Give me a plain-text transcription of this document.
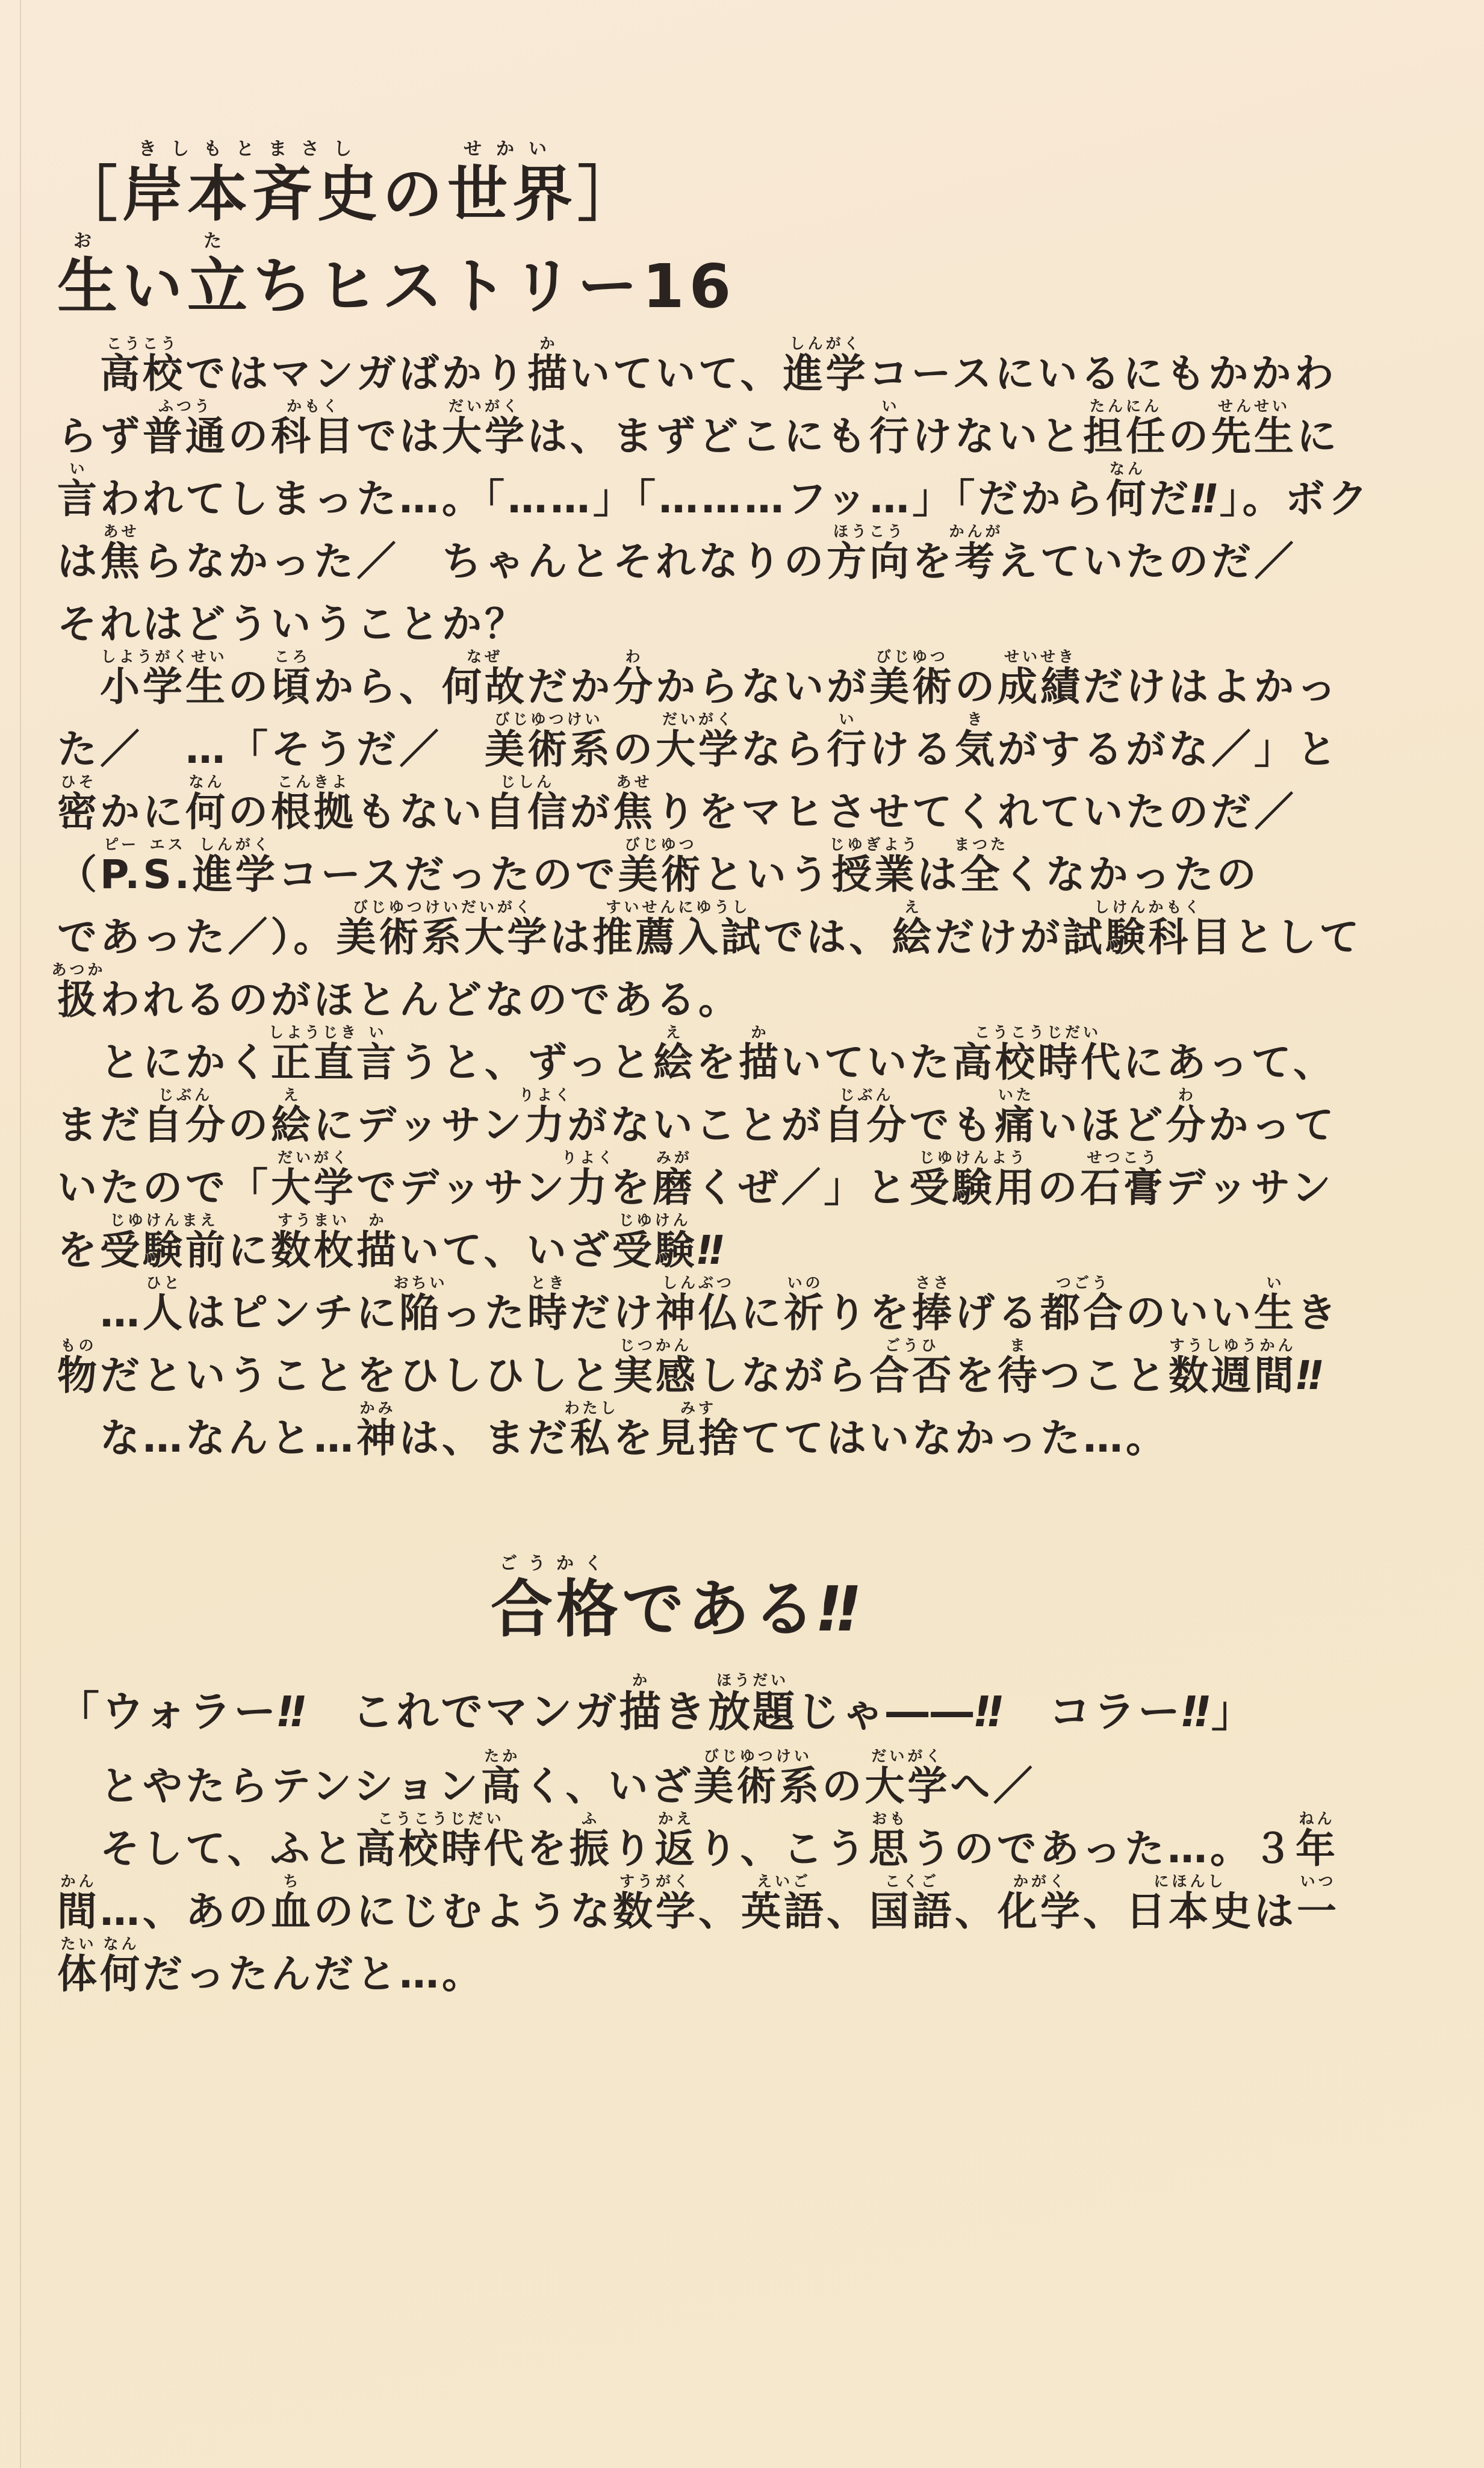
［
きしもとまさし
岸本斉史の
せかい
世界］
お
生い
た
立ちヒストリー16

こうこう
高校ではマンガばかり
か
描いていて、
しんがく
進学コースにいるにもかかわ
らず
ふつう
普通の
かもく
科目では
だいがく
大学は、まずどこにも
い
行けないと
たんにん
担任の
せんせい
先生に
い
言われてしまった…。「……」「………フッ…」「だから
なん
何だ‼」。ボク
は
あせ
焦らなかった／　ちゃんとそれなりの
ほうこう
方向を
かんが
考えていたのだ／
それはどういうことか？

しようがくせい
小学生の
ころ
頃から、
なぜ
何故だか
わ
分からないが
びじゆつ
美術の
せいせき
成績だけはよかっ
た／　…「そうだ／　
びじゆつけい
美術系の
だいがく
大学なら
い
行ける
き
気がするがな／」と
ひそ
密かに
なん
何の
こんきよ
根拠もない
じしん
自信が
あせ
焦りをマヒさせてくれていたのだ／
（
ピー
P.
エス
S.
しんがく
進学コースだったので
びじゆつ
美術という
じゆぎよう
授業は
まつた
全くなかったの
であった／）。
びじゆつけいだいがく
美術系大学は
すいせんにゆうし
推薦入試では、
え
絵だけが
しけんかもく
試験科目として
あつか
扱われるのがほとんどなのである。
　とにかく
しようじき
正直
い
言うと、ずっと
え
絵を
か
描いていた
こうこうじだい
高校時代にあって、
まだ
じぶん
自分の
え
絵にデッサン
りよく
力がないことが
じぶん
自分でも
いた
痛いほど
わ
分かって
いたので「
だいがく
大学でデッサン
りよく
力を
みが
磨くぜ／」と
じゆけんよう
受験用の
せつこう
石膏デッサン
を
じゆけんまえ
受験前に
すうまい
数枚
か
描いて、いざ
じゆけん
受験‼
　…
ひと
人はピンチに
おちい
陥った
とき
時だけ
しんぶつ
神仏に
いの
祈りを
ささ
捧げる
つごう
都合のいい
い
生き
もの
物だということをひしひしと
じつかん
実感しながら
ごうひ
合否を
ま
待つこと
すうしゆうかん
数週間‼
　な…なんと…
かみ
神は、まだ
わたし
私を
みす
見捨ててはいなかった…。
ごうかく
合格である‼
「ウォラー‼　これでマンガ
か
描き
ほうだい
放題じゃ――‼　コラー‼」
　とやたらテンション
たか
高く、いざ
びじゆつけい
美術系の
だいがく
大学へ／
　そして、ふと
こうこうじだい
高校時代を
ふ
振り
かえ
返り、こう
おも
思うのであった…。３
ねん
年
かん
間…、あの
ち
血のにじむような
すうがく
数学、
えいご
英語、
こくご
国語、
かがく
化学、
にほんし
日本史は
いつ
一
たい
体
なん
何だったんだと…。
